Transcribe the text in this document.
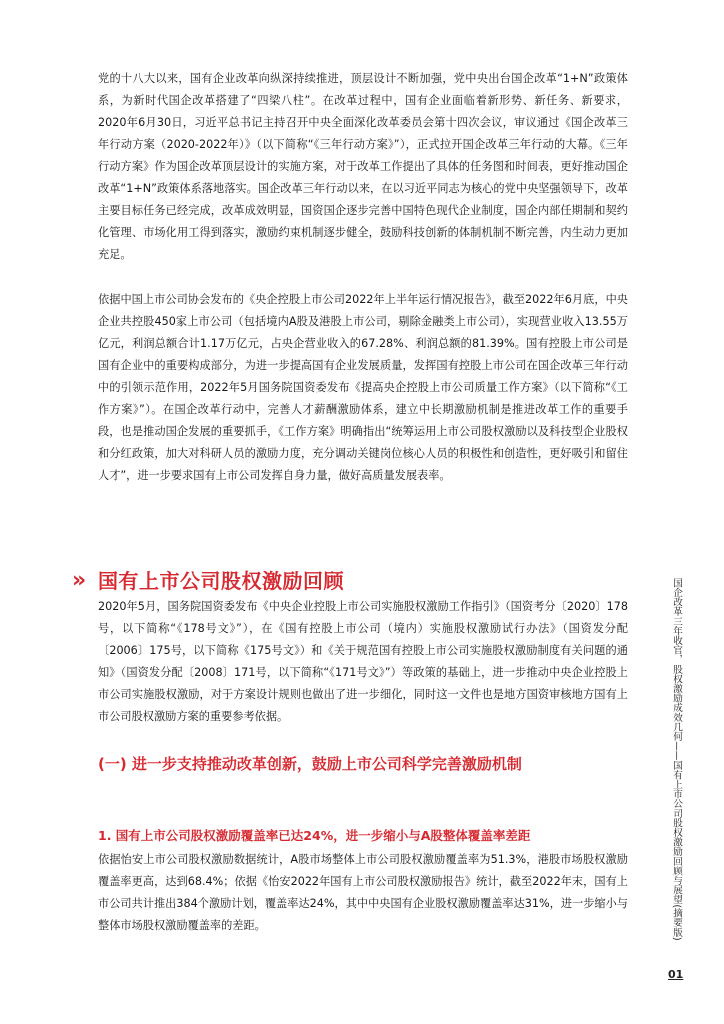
党的十八大以来，国有企业改革向纵深持续推进，顶层设计不断加强，党中央出台国企改革“1+N”政策体系，为新时代国企改革搭建了“四梁八柱”。在改革过程中，国有企业面临着新形势、新任务、新要求，2020年6月30日，习近平总书记主持召开中央全面深化改革委员会第十四次会议，审议通过《国企改革三年行动方案（2020-2022年）》（以下简称“《三年行动方案》”），正式拉开国企改革三年行动的大幕。《三年行动方案》作为国企改革顶层设计的实施方案，对于改革工作提出了具体的任务图和时间表，更好推动国企改革“1+N”政策体系落地落实。国企改革三年行动以来，在以习近平同志为核心的党中央坚强领导下，改革主要目标任务已经完成，改革成效明显，国资国企逐步完善中国特色现代企业制度，国企内部任期制和契约化管理、市场化用工得到落实，激励约束机制逐步健全，鼓励科技创新的体制机制不断完善，内生动力更加充足。

依据中国上市公司协会发布的《央企控股上市公司2022年上半年运行情况报告》，截至2022年6月底，中央企业共控股450家上市公司（包括境内A股及港股上市公司，剔除金融类上市公司），实现营业收入13.55万亿元，利润总额合计1.17万亿元，占央企营业收入的67.28%、利润总额的81.39%。国有控股上市公司是国有企业中的重要构成部分，为进一步提高国有企业发展质量，发挥国有控股上市公司在国企改革三年行动中的引领示范作用，2022年5月国务院国资委发布《提高央企控股上市公司质量工作方案》（以下简称“《工作方案》”）。在国企改革行动中，完善人才薪酬激励体系，建立中长期激励机制是推进改革工作的重要手段，也是推动国企发展的重要抓手，《工作方案》明确指出“统筹运用上市公司股权激励以及科技型企业股权和分红政策，加大对科研人员的激励力度，充分调动关键岗位核心人员的积极性和创造性，更好吸引和留住人才”，进一步要求国有上市公司发挥自身力量，做好高质量发展表率。

» 国有上市公司股权激励回顾

2020年5月，国务院国资委发布《中央企业控股上市公司实施股权激励工作指引》（国资考分〔2020〕178号，以下简称“《178号文》”），在《国有控股上市公司（境内）实施股权激励试行办法》（国资发分配〔2006〕175号，以下简称《175号文》）和《关于规范国有控股上市公司实施股权激励制度有关问题的通知》（国资发分配〔2008〕171号，以下简称“《171号文》”）等政策的基础上，进一步推动中央企业控股上市公司实施股权激励，对于方案设计规则也做出了进一步细化，同时这一文件也是地方国资审核地方国有上市公司股权激励方案的重要参考依据。

(一) 进一步支持推动改革创新，鼓励上市公司科学完善激励机制
1. 国有上市公司股权激励覆盖率已达24%，进一步缩小与A股整体覆盖率差距

依据怡安上市公司股权激励数据统计，A股市场整体上市公司股权激励覆盖率为51.3%，港股市场股权激励覆盖率更高，达到68.4%；依据《怡安2022年国有上市公司股权激励报告》统计，截至2022年末，国有上市公司共计推出384个激励计划，覆盖率达24%，其中中央国有企业股权激励覆盖率达31%，进一步缩小与整体市场股权激励覆盖率的差距。	国企改革三年收官，股权激励成效几何——国有上市公司股权激励回顾与展望(摘要版)
01
